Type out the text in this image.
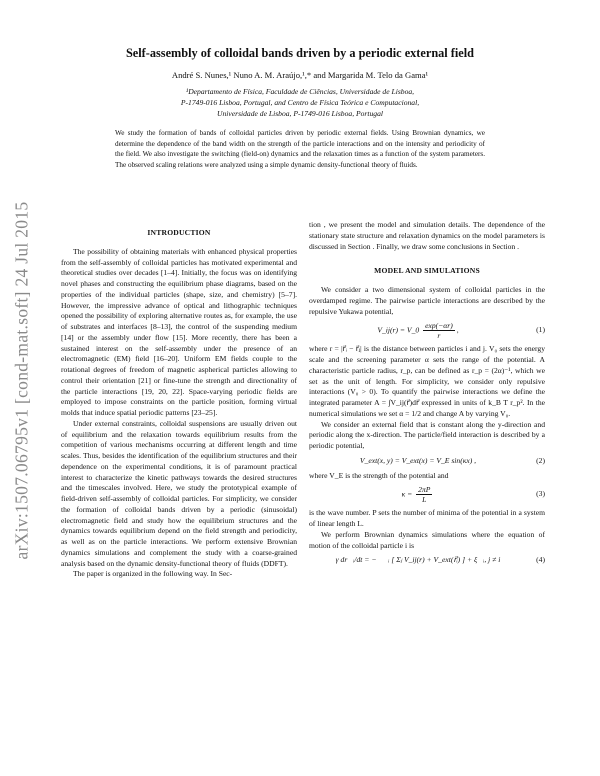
arXiv:1507.06795v1 [cond-mat.soft] 24 Jul 2015
Self-assembly of colloidal bands driven by a periodic external field
André S. Nunes,¹ Nuno A. M. Araújo,¹,* and Margarida M. Telo da Gama¹
¹Departamento de Física, Faculdade de Ciências, Universidade de Lisboa,
P-1749-016 Lisboa, Portugal, and Centro de Física Teórica e Computacional,
Universidade de Lisboa, P-1749-016 Lisboa, Portugal
We study the formation of bands of colloidal particles driven by periodic external fields. Using Brownian dynamics, we determine the dependence of the band width on the strength of the particle interactions and on the intensity and periodicity of the field. We also investigate the switching (field-on) dynamics and the relaxation times as a function of the system parameters. The observed scaling relations were analyzed using a simple dynamic density-functional theory of fluids.
INTRODUCTION

The possibility of obtaining materials with enhanced physical properties from the self-assembly of colloidal particles has motivated experimental and theoretical studies over decades [1–4]. Initially, the focus was on identifying novel phases and constructing the equilibrium phase diagrams, based on the properties of the individual particles (shape, size, and chemistry) [5–7]. However, the impressive advance of optical and lithographic techniques opened the possibility of exploring alternative routes as, for example, the use of substrates and interfaces [8–13], the control of the suspending medium [14] or the assembly under flow [15]. More recently, there has been a sustained interest on the self-assembly under the presence of an electromagnetic (EM) field [16–20]. Uniform EM fields couple to the rotational degrees of freedom of magnetic aspherical particles allowing to control their orientation [21] or fine-tune the strength and directionality of the particle interactions [19, 20, 22]. Space-varying periodic fields are employed to impose constraints on the particle position, forming virtual molds that induce spatial periodic patterns [23–25].

Under external constraints, colloidal suspensions are usually driven out of equilibrium and the relaxation towards equilibrium results from the competition of various mechanisms occurring at different length and time scales. Thus, besides the identification of the equilibrium structures and their dependence on the experimental conditions, it is of paramount practical interest to characterize the kinetic pathways towards the desired structures and the timescales involved. Here, we study the prototypical example of field-driven self-assembly of colloidal particles. For simplicity, we consider the formation of colloidal bands driven by a periodic (sinusoidal) electromagnetic field and study how the equilibrium structures and the dynamics towards equilibrium depend on the field strength and periodicity, as well as on the particle interactions. We perform extensive Brownian dynamics simulations and complement the study with a coarse-grained analysis based on the dynamic density-functional theory of fluids (DDFT).

The paper is organized in the following way. In Sec-

tion , we present the model and simulation details. The dependence of the stationary state structure and relaxation dynamics on the model parameters is discussed in Section . Finally, we draw some conclusions in Section .

MODEL AND SIMULATIONS

We consider a two dimensional system of colloidal particles in the overdamped regime. The pairwise particle interactions are described by the repulsive Yukawa potential,

V_ij(r) = V_0 $\frac{\exp(-\alpha r)}{r}$ ,	(1)

where r = |r⃗ᵢ − r⃗ⱼ| is the distance between particles i and j. V₀ sets the energy scale and the screening parameter α sets the range of the potential. A characteristic particle radius, r_p, can be defined as r_p = (2α)⁻¹, which we set as the unit of length. For simplicity, we consider only repulsive interactions (V₀ > 0). To quantify the pairwise interactions we define the integrated parameter A = ∫V_ij(r⃗)dr⃗ expressed in units of k_B T r_p². In the numerical simulations we set α = 1/2 and change A by varying V₀.

We consider an external field that is constant along the y-direction and periodic along the x-direction. The particle/field interaction is described by a periodic potential,

V_ext(x, y) = V_ext(x) = V_E sin(κx) ,	(2)

where V_E is the strength of the potential and

$\kappa = \frac{2\pi P}{L}$	(3)

is the wave number. P sets the number of minima of the potential in a system of linear length L.

We perform Brownian dynamics simulations where the equation of motion of the colloidal particle i is

γ dr⃗ᵢ/dt = −∇⃗ᵢ [ Σⱼ V_ij(r) + V_ext(r⃗ᵢ) ] + ξ⃗ᵢ, j ≠ i	(4)
